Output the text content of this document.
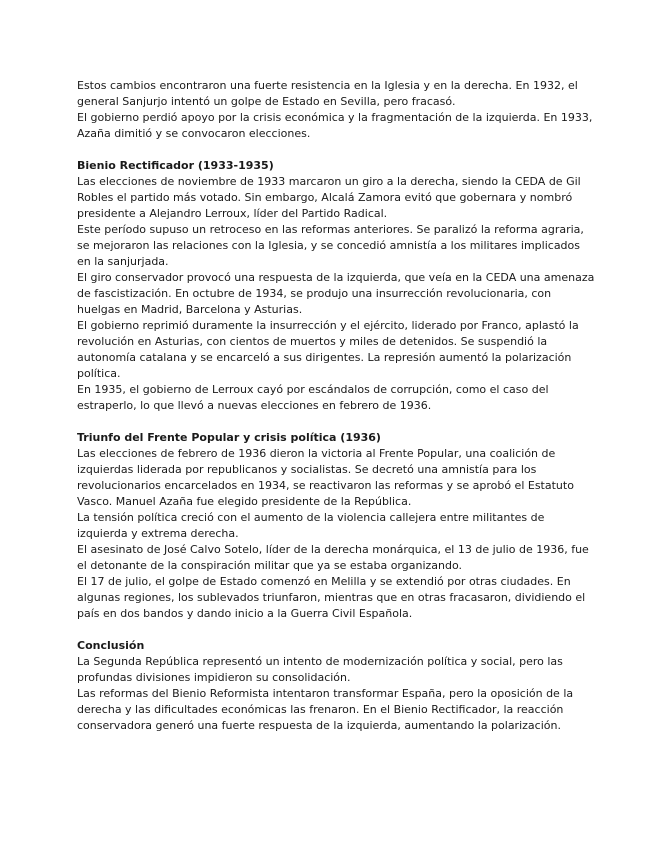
Estos cambios encontraron una fuerte resistencia en la Iglesia y en la derecha. En 1932, el general Sanjurjo intentó un golpe de Estado en Sevilla, pero fracasó.

El gobierno perdió apoyo por la crisis económica y la fragmentación de la izquierda. En 1933, Azaña dimitió y se convocaron elecciones.

Bienio Rectificador (1933-1935)

Las elecciones de noviembre de 1933 marcaron un giro a la derecha, siendo la CEDA de Gil Robles el partido más votado. Sin embargo, Alcalá Zamora evitó que gobernara y nombró presidente a Alejandro Lerroux, líder del Partido Radical.

Este período supuso un retroceso en las reformas anteriores. Se paralizó la reforma agraria, se mejoraron las relaciones con la Iglesia, y se concedió amnistía a los militares implicados en la sanjurjada.

El giro conservador provocó una respuesta de la izquierda, que veía en la CEDA una amenaza de fascistización. En octubre de 1934, se produjo una insurrección revolucionaria, con huelgas en Madrid, Barcelona y Asturias.

El gobierno reprimió duramente la insurrección y el ejército, liderado por Franco, aplastó la revolución en Asturias, con cientos de muertos y miles de detenidos. Se suspendió la autonomía catalana y se encarceló a sus dirigentes. La represión aumentó la polarización política.

En 1935, el gobierno de Lerroux cayó por escándalos de corrupción, como el caso del estraperlo, lo que llevó a nuevas elecciones en febrero de 1936.

Triunfo del Frente Popular y crisis política (1936)

Las elecciones de febrero de 1936 dieron la victoria al Frente Popular, una coalición de izquierdas liderada por republicanos y socialistas. Se decretó una amnistía para los revolucionarios encarcelados en 1934, se reactivaron las reformas y se aprobó el Estatuto Vasco. Manuel Azaña fue elegido presidente de la República.

La tensión política creció con el aumento de la violencia callejera entre militantes de izquierda y extrema derecha.

El asesinato de José Calvo Sotelo, líder de la derecha monárquica, el 13 de julio de 1936, fue el detonante de la conspiración militar que ya se estaba organizando.

El 17 de julio, el golpe de Estado comenzó en Melilla y se extendió por otras ciudades. En algunas regiones, los sublevados triunfaron, mientras que en otras fracasaron, dividiendo el país en dos bandos y dando inicio a la Guerra Civil Española.

Conclusión

La Segunda República representó un intento de modernización política y social, pero las profundas divisiones impidieron su consolidación.

Las reformas del Bienio Reformista intentaron transformar España, pero la oposición de la derecha y las dificultades económicas las frenaron. En el Bienio Rectificador, la reacción conservadora generó una fuerte respuesta de la izquierda, aumentando la polarización.
